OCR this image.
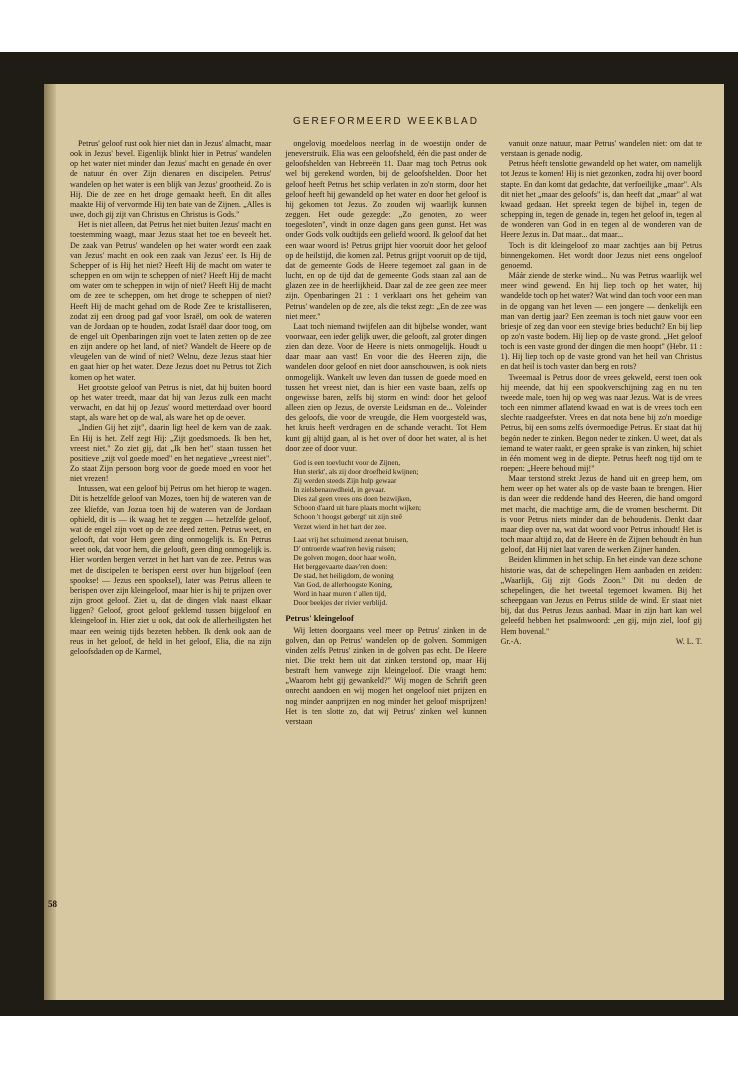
GEREFORMEERD WEEKBLAD

Petrus' geloof rust ook hier niet dan in Jezus' almacht, maar ook in Jezus' bevel. Eigenlijk blinkt hier in Petrus' wandelen op het water niet minder dan Jezus' macht en genade én over de natuur én over Zijn dienaren en discipelen. Petrus' wandelen op het water is een blijk van Jezus' grootheid. Zo is Hij. Die de zee en het droge gemaakt heeft. En dit alles maakte Hij of vervormde Hij ten bate van de Zijnen. „Alles is uwe, doch gij zijt van Christus en Christus is Gods."

Het is niet alleen, dat Petrus het niet buiten Jezus' macht en toestemming waagt, maar Jezus staat het toe en beveelt het. De zaak van Petrus' wandelen op het water wordt een zaak van Jezus' macht en ook een zaak van Jezus' eer. Is Hij de Schepper of is Hij het niet? Heeft Hij de macht om water te scheppen en om wijn te scheppen of niet? Heeft Hij de macht om water om te scheppen in wijn of niet? Heeft Hij de macht om de zee te scheppen, om het droge te scheppen of niet? Heeft Hij de macht gehad om de Rode Zee te kristalliseren, zodat zij een droog pad gaf voor Israël, om ook de wateren van de Jordaan op te houden, zodat Israël daar door toog, om de engel uit Openbaringen zijn voet te laten zetten op de zee en zijn andere op het land, of niet? Wandelt de Heere op de vleugelen van de wind of niet? Welnu, deze Jezus staat hier en gaat hier op het water. Deze Jezus doet nu Petrus tot Zich komen op het water.

Het grootste geloof van Petrus is niet, dat hij buiten boord op het water treedt, maar dat hij van Jezus zulk een macht verwacht, en dat hij op Jezus' woord metterdaad over boord stapt, als ware het op de wal, als ware het op de oever.

„Indien Gij het zijt", daarin ligt heel de kern van de zaak. En Hij is het. Zelf zegt Hij: „Zijt goedsmoeds. Ik ben het, vreest niet." Zo ziet gij, dat „Ik ben het" staan tussen het positieve „zijt vol goede moed" en het negatieve „vreest niet". Zo staat Zijn persoon borg voor de goede moed en voor het niet vrezen!

Intussen, wat een geloof bij Petrus om het hierop te wagen. Dit is hetzelfde geloof van Mozes, toen hij de wateren van de zee kliefde, van Jozua toen hij de wateren van de Jordaan ophield, dit is — ik waag het te zeggen — hetzelfde geloof, wat de engel zijn voet op de zee deed zetten. Petrus weet, en gelooft, dat voor Hem geen ding onmogelijk is. En Petrus weet ook, dat voor hem, die gelooft, geen ding onmogelijk is. Hier worden bergen verzet in het hart van de zee. Petrus was met de discipelen te berispen eerst over hun bijgeloof (een spookse! — Jezus een spooksel), later was Petrus alleen te berispen over zijn kleingeloof, maar hier is hij te prijzen over zijn groot geloof. Ziet u, dat de dingen vlak naast elkaar liggen? Geloof, groot geloof geklemd tussen bijgeloof en kleingeloof in. Hier ziet u ook, dat ook de allerheiligsten het maar een weinig tijds bezeten hebben. Ik denk ook aan de reus in het geloof, de held in het geloof, Elia, die na zijn geloofsdaden op de Karmel,

ongelovig moedeloos neerlag in de woestijn onder de jeneverstruik. Elia was een geloofsheld, één die past onder de geloofshelden van Hebreeën 11. Daar mag toch Petrus ook wel bij gerekend worden, bij de geloofshelden. Door het geloof heeft Petrus het schip verlaten in zo'n storm, door het geloof heeft hij gewandeld op het water en door het geloof is hij gekomen tot Jezus. Zo zouden wij waarlijk kunnen zeggen. Het oude gezegde: „Zo genoten, zo weer toegesloten", vindt in onze dagen gans geen gunst. Het was onder Gods volk oudtijds een geliefd woord. Ik geloof dat het een waar woord is! Petrus grijpt hier vooruit door het geloof op de heilstijd, die komen zal. Petrus grijpt vooruit op de tijd, dat de gemeente Gods de Heere tegemoet zal gaan in de lucht, en op de tijd dat de gemeente Gods staan zal aan de glazen zee in de heerlijkheid. Daar zal de zee geen zee meer zijn. Openbaringen 21 : 1 verklaart ons het geheim van Petrus' wandelen op de zee, als die tekst zegt: „En de zee was niet meer."

Laat toch niemand twijfelen aan dit bijbelse wonder, want voorwaar, een ieder gelijk uwer, die gelooft, zal groter dingen zien dan deze. Voor de Heere is niets onmogelijk. Houdt u daar maar aan vast! En voor die des Heeren zijn, die wandelen door geloof en niet door aanschouwen, is ook niets onmogelijk. Wankelt uw leven dan tussen de goede moed en tussen het vreest niet, dan is hier een vaste baan, zelfs op ongewisse baren, zelfs bij storm en wind: door het geloof alleen zien op Jezus, de overste Leidsman en de... Voleinder des geloofs, die voor de vreugde, die Hem voorgesteld was, het kruis heeft verdragen en de schande veracht. Tot Hem kunt gij altijd gaan, al is het over of door het water, al is het door zee of door vuur.

God is een toevlucht voor de Zijnen,
Hun sterkt', als zij door droefheid kwijnen;
Zij werden steeds Zijn hulp gewaar
In zielsbenauwdheid, in gevaar.
Dies zal geen vrees ons doen bezwijken,
Schoon d'aard uit hare plaats mocht wijken;
Schoon 't hoogst gebergt' uit zijn steê
Verzet wierd in het hart der zee.
Laat vrij het schuimend zeenat bruisen,
D' ontroerde waat'ren hevig ruisen;
De golven mogen, door haar woên,
Het berggevaarte daav'ren doen:
De stad, het heiligdom, de woning
Van God, de allerhoogste Koning,
Word in haar muren t' allen tijd,
Door beekjes der rivier verblijd.

Petrus' kleingeloof

Wij letten doorgaans veel meer op Petrus' zinken in de golven, dan op Petrus' wandelen op de golven. Sommigen vinden zelfs Petrus' zinken in de golven pas echt. De Heere niet. Die trekt hem uit dat zinken terstond op, maar Hij bestraft hem vanwege zijn kleingeloof. Die vraagt hem: „Waarom hebt gij gewankeld?" Wij mogen de Schrift geen onrecht aandoen en wij mogen het ongeloof niet prijzen en nog minder aanprijzen en nog minder het geloof misprijzen! Het is ten slotte zo, dat wij Petrus' zinken wel kunnen verstaan

vanuit onze natuur, maar Petrus' wandelen niet: om dat te verstaan is genade nodig.

Petrus héeft tenslotte gewandeld op het water, om namelijk tot Jezus te komen! Hij is niet gezonken, zodra hij over boord stapte. En dan komt dat gedachte, dat verfoeilijke „maar". Als dit niet het „maar des geloofs" is, dan heeft dat „maar" al wat kwaad gedaan. Het spreekt tegen de bijbel in, tegen de schepping in, tegen de genade in, tegen het geloof in, tegen al de wonderen van God in en tegen al de wonderen van de Heere Jezus in. Dat maar... dat maar...

Toch is dit kleingeloof zo maar zachtjes aan bij Petrus binnengekomen. Het wordt door Jezus niet eens ongeloof genoemd.

Máár ziende de sterke wind... Nu was Petrus waarlijk wel meer wind gewend. En hij liep toch op het water, hij wandelde toch op het water? Wat wind dan toch voor een man in de opgang van het leven — een jongere — denkelijk een man van dertig jaar? Een zeeman is toch niet gauw voor een briesje of zeg dan voor een stevige bries beducht? En bij liep op zo'n vaste bodem. Hij liep op de vaste grond. „Het geloof toch is een vaste grond der dingen die men hoopt" (Hebr. 11 : 1). Hij liep toch op de vaste grond van het heil van Christus en dat heil is toch vaster dan berg en rots?

Tweemaal is Petrus door de vrees gekweld, eerst toen ook hij meende, dat hij een spookverschijning zag en nu ten tweede male, toen hij op weg was naar Jezus. Wat is de vrees toch een nimmer aflatend kwaad en wat is de vrees toch een slechte raadgeefster. Vrees en dat nota bene bij zo'n moedige Petrus, bij een soms zelfs óvermoedige Petrus. Er staat dat hij begón neder te zinken. Begon neder te zinken. U weet, dat als iemand te water raakt, er geen sprake is van zinken, hij schiet in één moment weg in de diepte. Petrus heeft nog tijd om te roepen: „Heere behoud mij!"

Maar terstond strekt Jezus de hand uit en greep hem, om hem weer op het water als op de vaste baan te brengen. Hier is dan weer die reddende hand des Heeren, die hand omgord met macht, die machtige arm, die de vromen beschermt. Dit is voor Petrus niets minder dan de behoudenis. Denkt daar maar diep over na, wat dat woord voor Petrus inhoudt! Het is toch maar altijd zo, dat de Heere èn de Zijnen behoudt èn hun geloof, dat Hij niet laat varen de werken Zijner handen.

Beiden klimmen in het schip. En het einde van deze schone historie was, dat de schepelingen Hem aanbaden en zeiden: „Waarlijk, Gij zijt Gods Zoon." Dit nu deden de schepelingen, die het tweetal tegemoet kwamen. Bij het scheepgaan van Jezus en Petrus stilde de wind. Er staat niet bij, dat dus Petrus Jezus aanbad. Maar in zijn hart kan wel geleefd hebben het psalmwoord: „en gij, mijn ziel, loof gij Hem bovenal."

Gr.-A.	W. L. T.

58
